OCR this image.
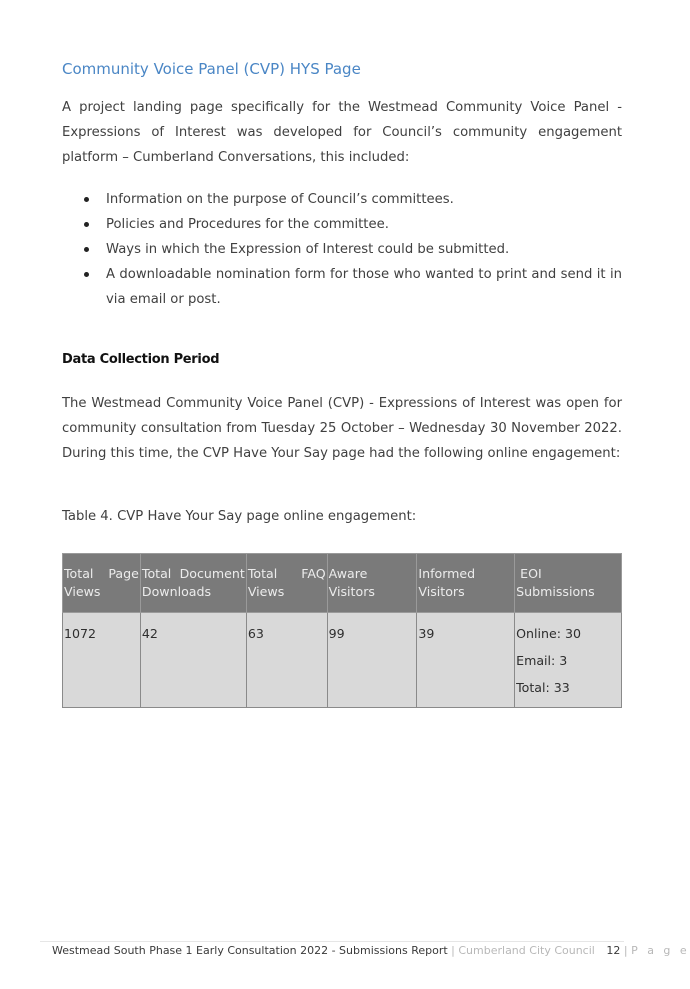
Community Voice Panel (CVP) HYS Page
A project landing page specifically for the Westmead Community Voice Panel - Expressions of Interest was developed for Council’s community engagement platform – Cumberland Conversations, this included:
Information on the purpose of Council’s committees.
Policies and Procedures for the committee.
Ways in which the Expression of Interest could be submitted.
A downloadable nomination form for those who wanted to print and send it in via email or post.
Data Collection Period
The Westmead Community Voice Panel (CVP) - Expressions of Interest was open for community consultation from Tuesday 25 October – Wednesday 30 November 2022. During this time, the CVP Have Your Say page had the following online engagement:
Table 4. CVP Have Your Say page online engagement:
Total Page
Views	Total Document
Downloads	Total FAQ
Views	Aware
Visitors	Informed
Visitors	EOI
Submissions

1072	42	63	99	39	Online: 30
Email: 3
Total: 33
Westmead South Phase 1 Early Consultation 2022 - Submissions Report | Cumberland City Council 12 | P a g e
